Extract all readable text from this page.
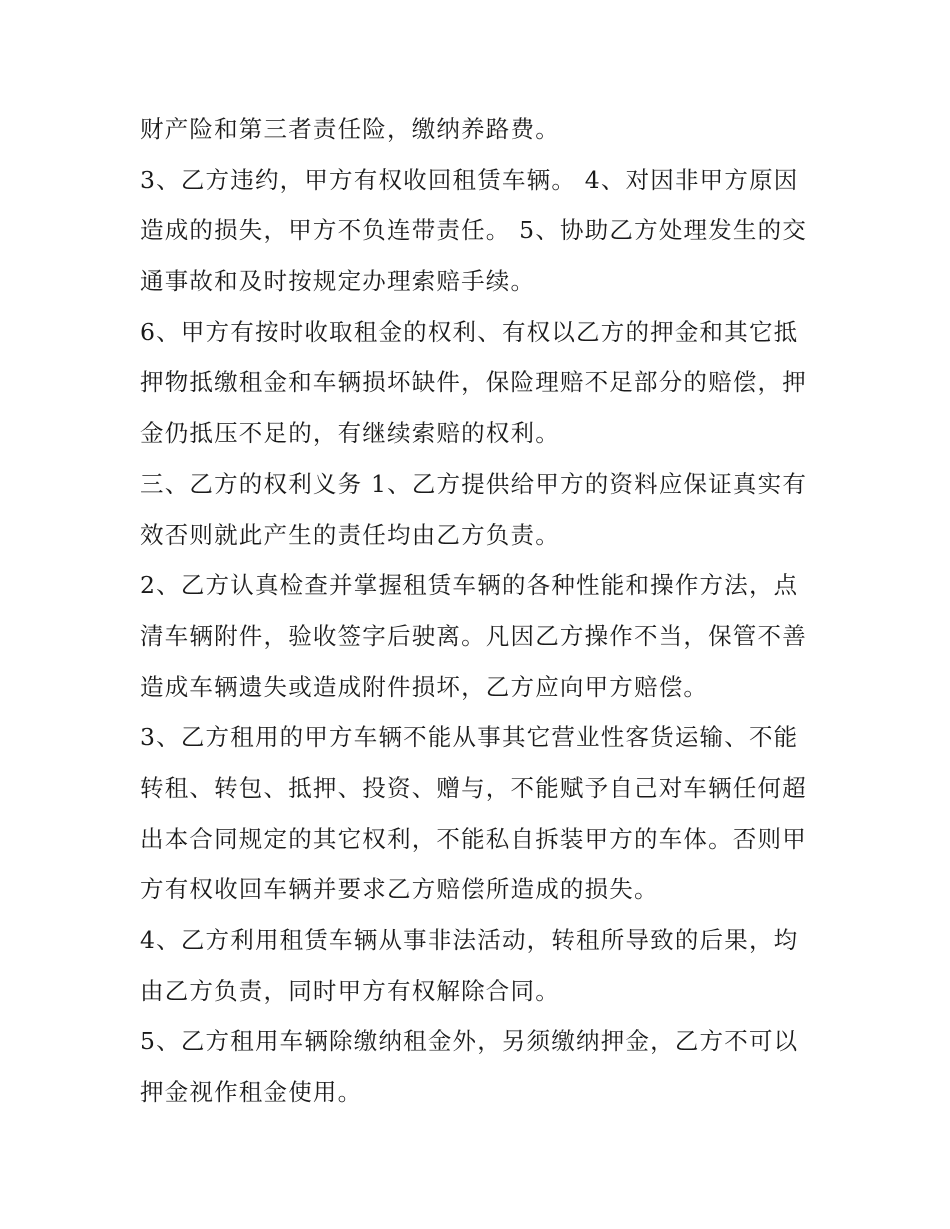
财产险和第三者责任险，缴纳养路费。
3、乙方违约，甲方有权收回租赁车辆。 4、对因非甲方原因
造成的损失，甲方不负连带责任。 5、协助乙方处理发生的交
通事故和及时按规定办理索赔手续。
6、甲方有按时收取租金的权利、有权以乙方的押金和其它抵
押物抵缴租金和车辆损坏缺件，保险理赔不足部分的赔偿，押
金仍抵压不足的，有继续索赔的权利。
三、乙方的权利义务 1、乙方提供给甲方的资料应保证真实有
效否则就此产生的责任均由乙方负责。
2、乙方认真检查并掌握租赁车辆的各种性能和操作方法，点
清车辆附件，验收签字后驶离。凡因乙方操作不当，保管不善
造成车辆遗失或造成附件损坏，乙方应向甲方赔偿。
3、乙方租用的甲方车辆不能从事其它营业性客货运输、不能
转租、转包、抵押、投资、赠与，不能赋予自己对车辆任何超
出本合同规定的其它权利，不能私自拆装甲方的车体。否则甲
方有权收回车辆并要求乙方赔偿所造成的损失。
4、乙方利用租赁车辆从事非法活动，转租所导致的后果，均
由乙方负责，同时甲方有权解除合同。
5、乙方租用车辆除缴纳租金外，另须缴纳押金，乙方不可以
押金视作租金使用。
